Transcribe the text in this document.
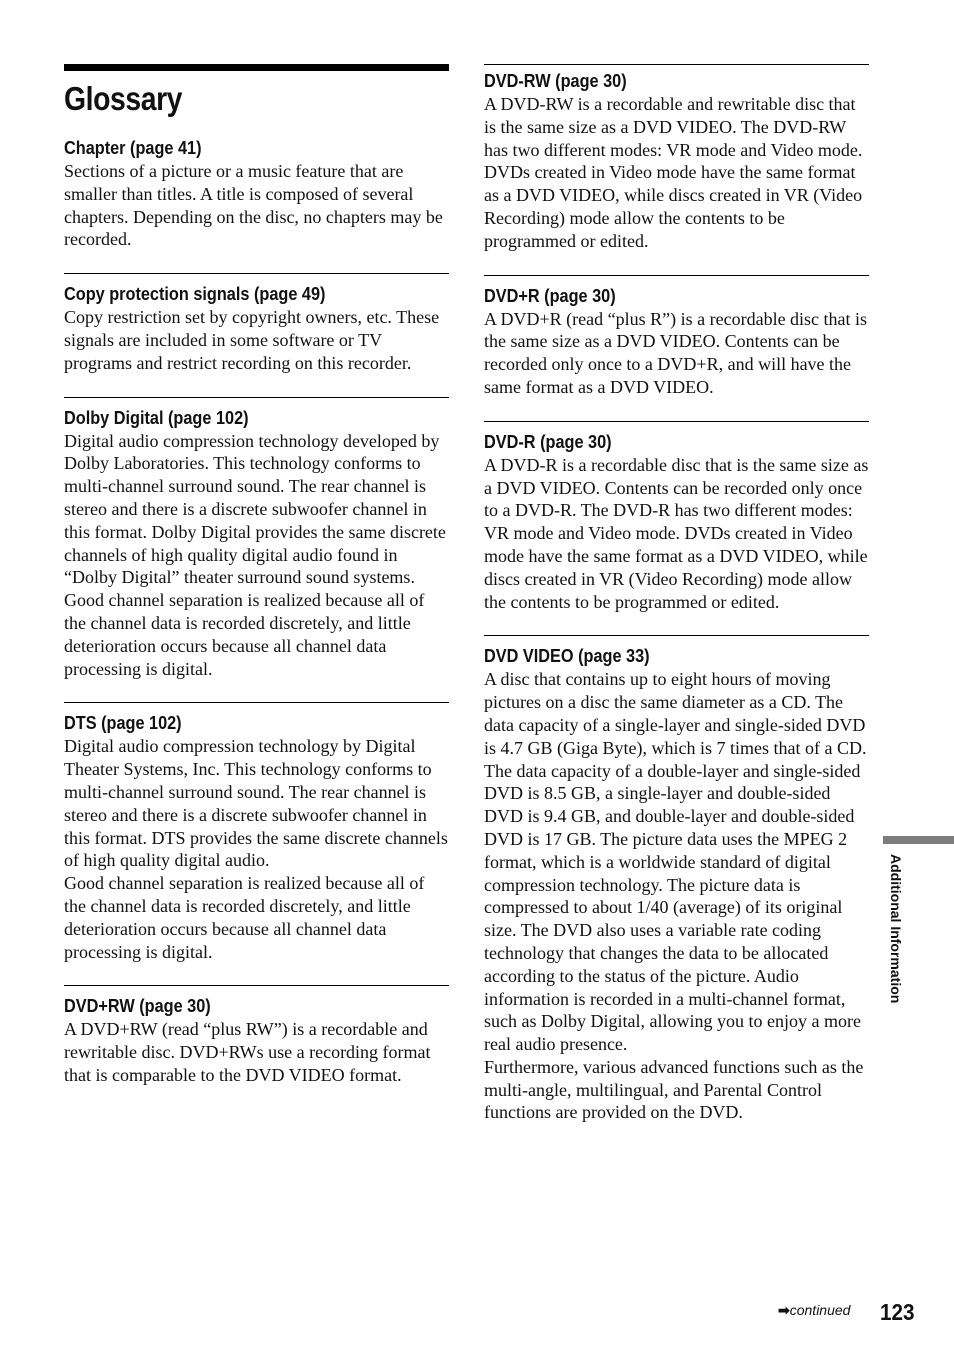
Glossary
Chapter (page 41)

Sections of a picture or a music feature that are smaller than titles. A title is composed of several chapters. Depending on the disc, no chapters may be recorded.

Copy protection signals (page 49)

Copy restriction set by copyright owners, etc. These signals are included in some software or TV programs and restrict recording on this recorder.

Dolby Digital (page 102)

Digital audio compression technology developed by Dolby Laboratories. This technology conforms to multi-channel surround sound. The rear channel is stereo and there is a discrete subwoofer channel in this format. Dolby Digital provides the same discrete channels of high quality digital audio found in “Dolby Digital” theater surround sound systems. Good channel separation is realized because all of the channel data is recorded discretely, and little deterioration occurs because all channel data processing is digital.

DTS (page 102)

Digital audio compression technology by Digital Theater Systems, Inc. This technology conforms to multi-channel surround sound. The rear channel is stereo and there is a discrete subwoofer channel in this format. DTS provides the same discrete channels of high quality digital audio.

Good channel separation is realized because all of the channel data is recorded discretely, and little deterioration occurs because all channel data processing is digital.

DVD+RW (page 30)

A DVD+RW (read “plus RW”) is a recordable and rewritable disc. DVD+RWs use a recording format that is comparable to the DVD VIDEO format.

DVD-RW (page 30)

A DVD-RW is a recordable and rewritable disc that is the same size as a DVD VIDEO. The DVD-RW has two different modes: VR mode and Video mode. DVDs created in Video mode have the same format as a DVD VIDEO, while discs created in VR (Video Recording) mode allow the contents to be programmed or edited.

DVD+R (page 30)

A DVD+R (read “plus R”) is a recordable disc that is the same size as a DVD VIDEO. Contents can be recorded only once to a DVD+R, and will have the same format as a DVD VIDEO.

DVD-R (page 30)

A DVD-R is a recordable disc that is the same size as a DVD VIDEO. Contents can be recorded only once to a DVD-R. The DVD-R has two different modes: VR mode and Video mode. DVDs created in Video mode have the same format as a DVD VIDEO, while discs created in VR (Video Recording) mode allow the contents to be programmed or edited.

DVD VIDEO (page 33)

A disc that contains up to eight hours of moving pictures on a disc the same diameter as a CD. The data capacity of a single-layer and single-sided DVD is 4.7 GB (Giga Byte), which is 7 times that of a CD. The data capacity of a double-layer and single-sided DVD is 8.5 GB, a single-layer and double-sided DVD is 9.4 GB, and double-layer and double-sided DVD is 17 GB. The picture data uses the MPEG 2 format, which is a worldwide standard of digital compression technology. The picture data is compressed to about 1/40 (average) of its original size. The DVD also uses a variable rate coding technology that changes the data to be allocated according to the status of the picture. Audio information is recorded in a multi-channel format, such as Dolby Digital, allowing you to enjoy a more real audio presence.

Furthermore, various advanced functions such as the multi-angle, multilingual, and Parental Control functions are provided on the DVD.

Additional Information
➡continued 123
